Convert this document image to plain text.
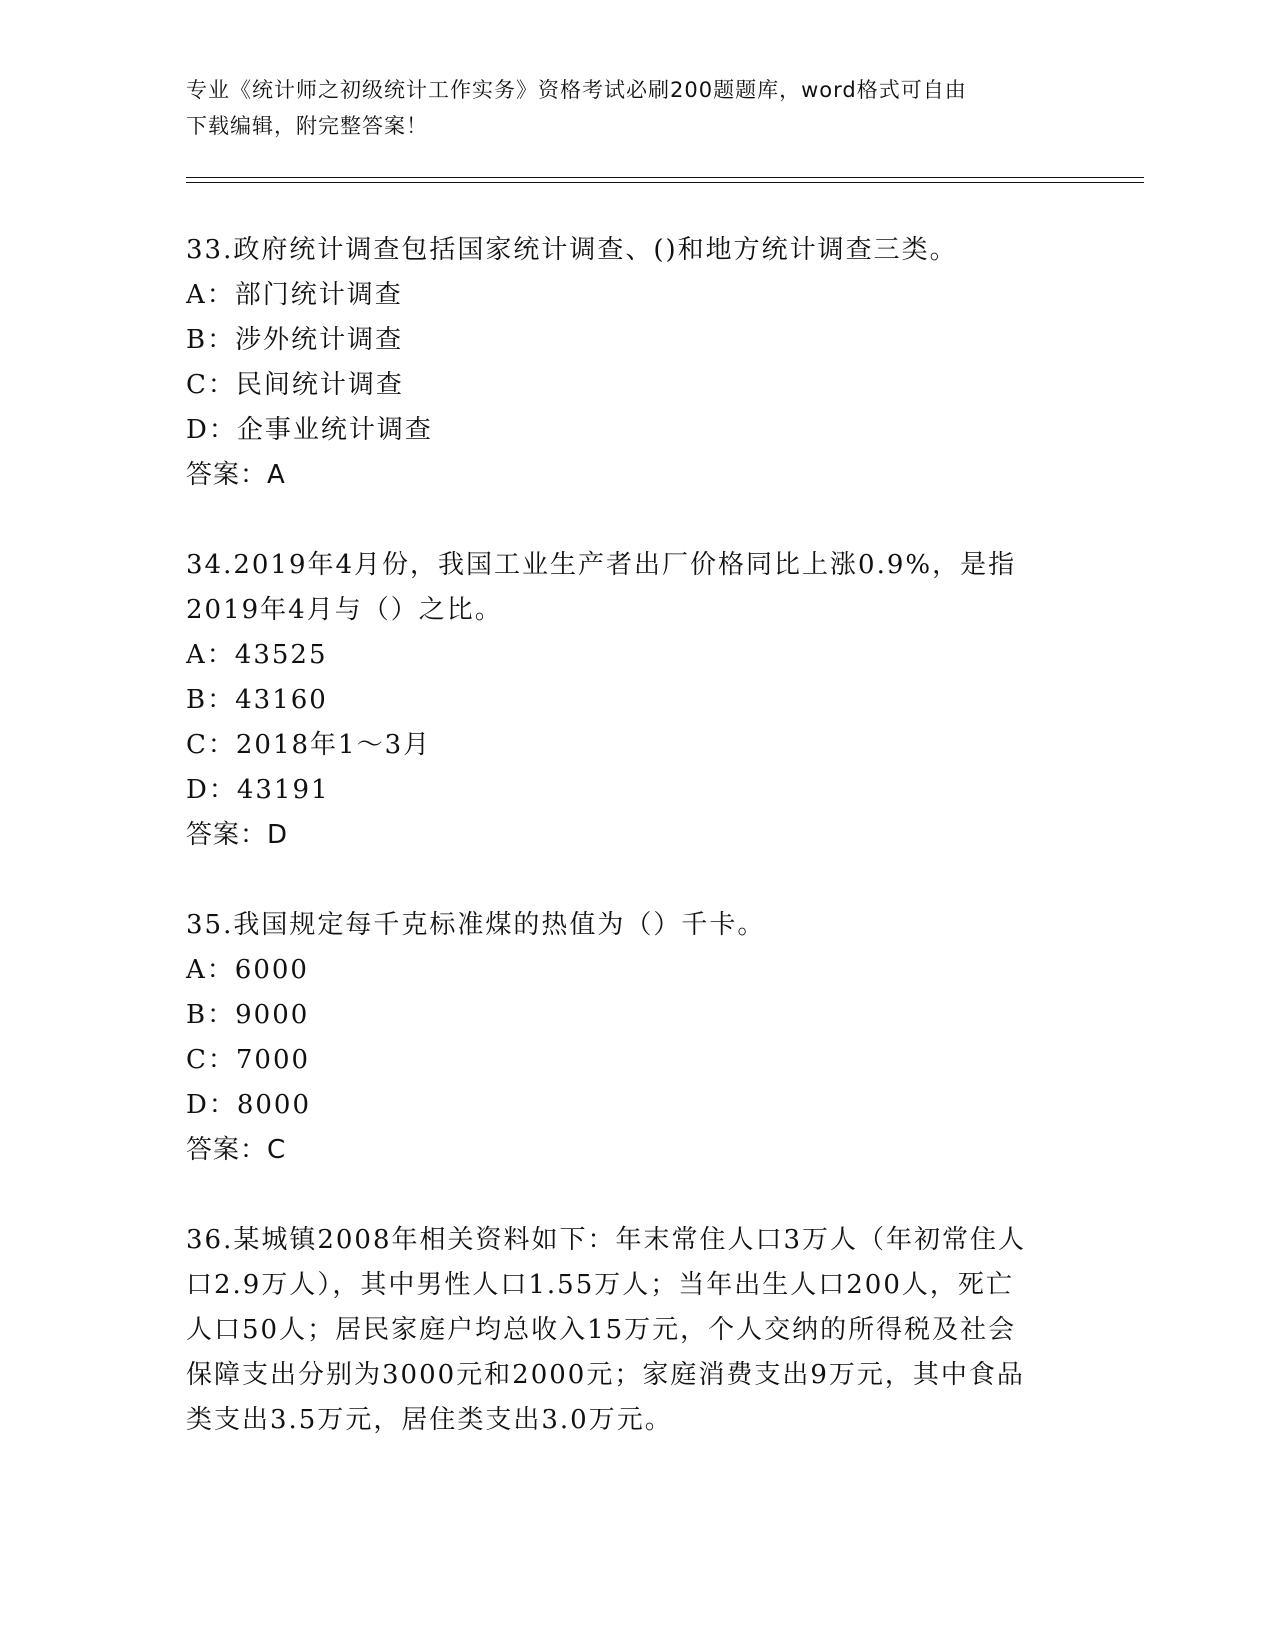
专业《统计师之初级统计工作实务》资格考试必刷200题题库，word格式可自由
下载编辑，附完整答案！
33.政府统计调查包括国家统计调查、()和地方统计调查三类。
A：部门统计调查
B：涉外统计调查
C：民间统计调查
D：企事业统计调查
答案：A
34.2019年4月份，我国工业生产者出厂价格同比上涨0.9%，是指
2019年4月与（）之比。
A：43525
B：43160
C：2018年1～3月
D：43191
答案：D
35.我国规定每千克标准煤的热值为（）千卡。
A：6000
B：9000
C：7000
D：8000
答案：C
36.某城镇2008年相关资料如下：年末常住人口3万人（年初常住人
口2.9万人），其中男性人口1.55万人；当年出生人口200人，死亡
人口50人；居民家庭户均总收入15万元，个人交纳的所得税及社会
保障支出分别为3000元和2000元；家庭消费支出9万元，其中食品
类支出3.5万元，居住类支出3.0万元。
